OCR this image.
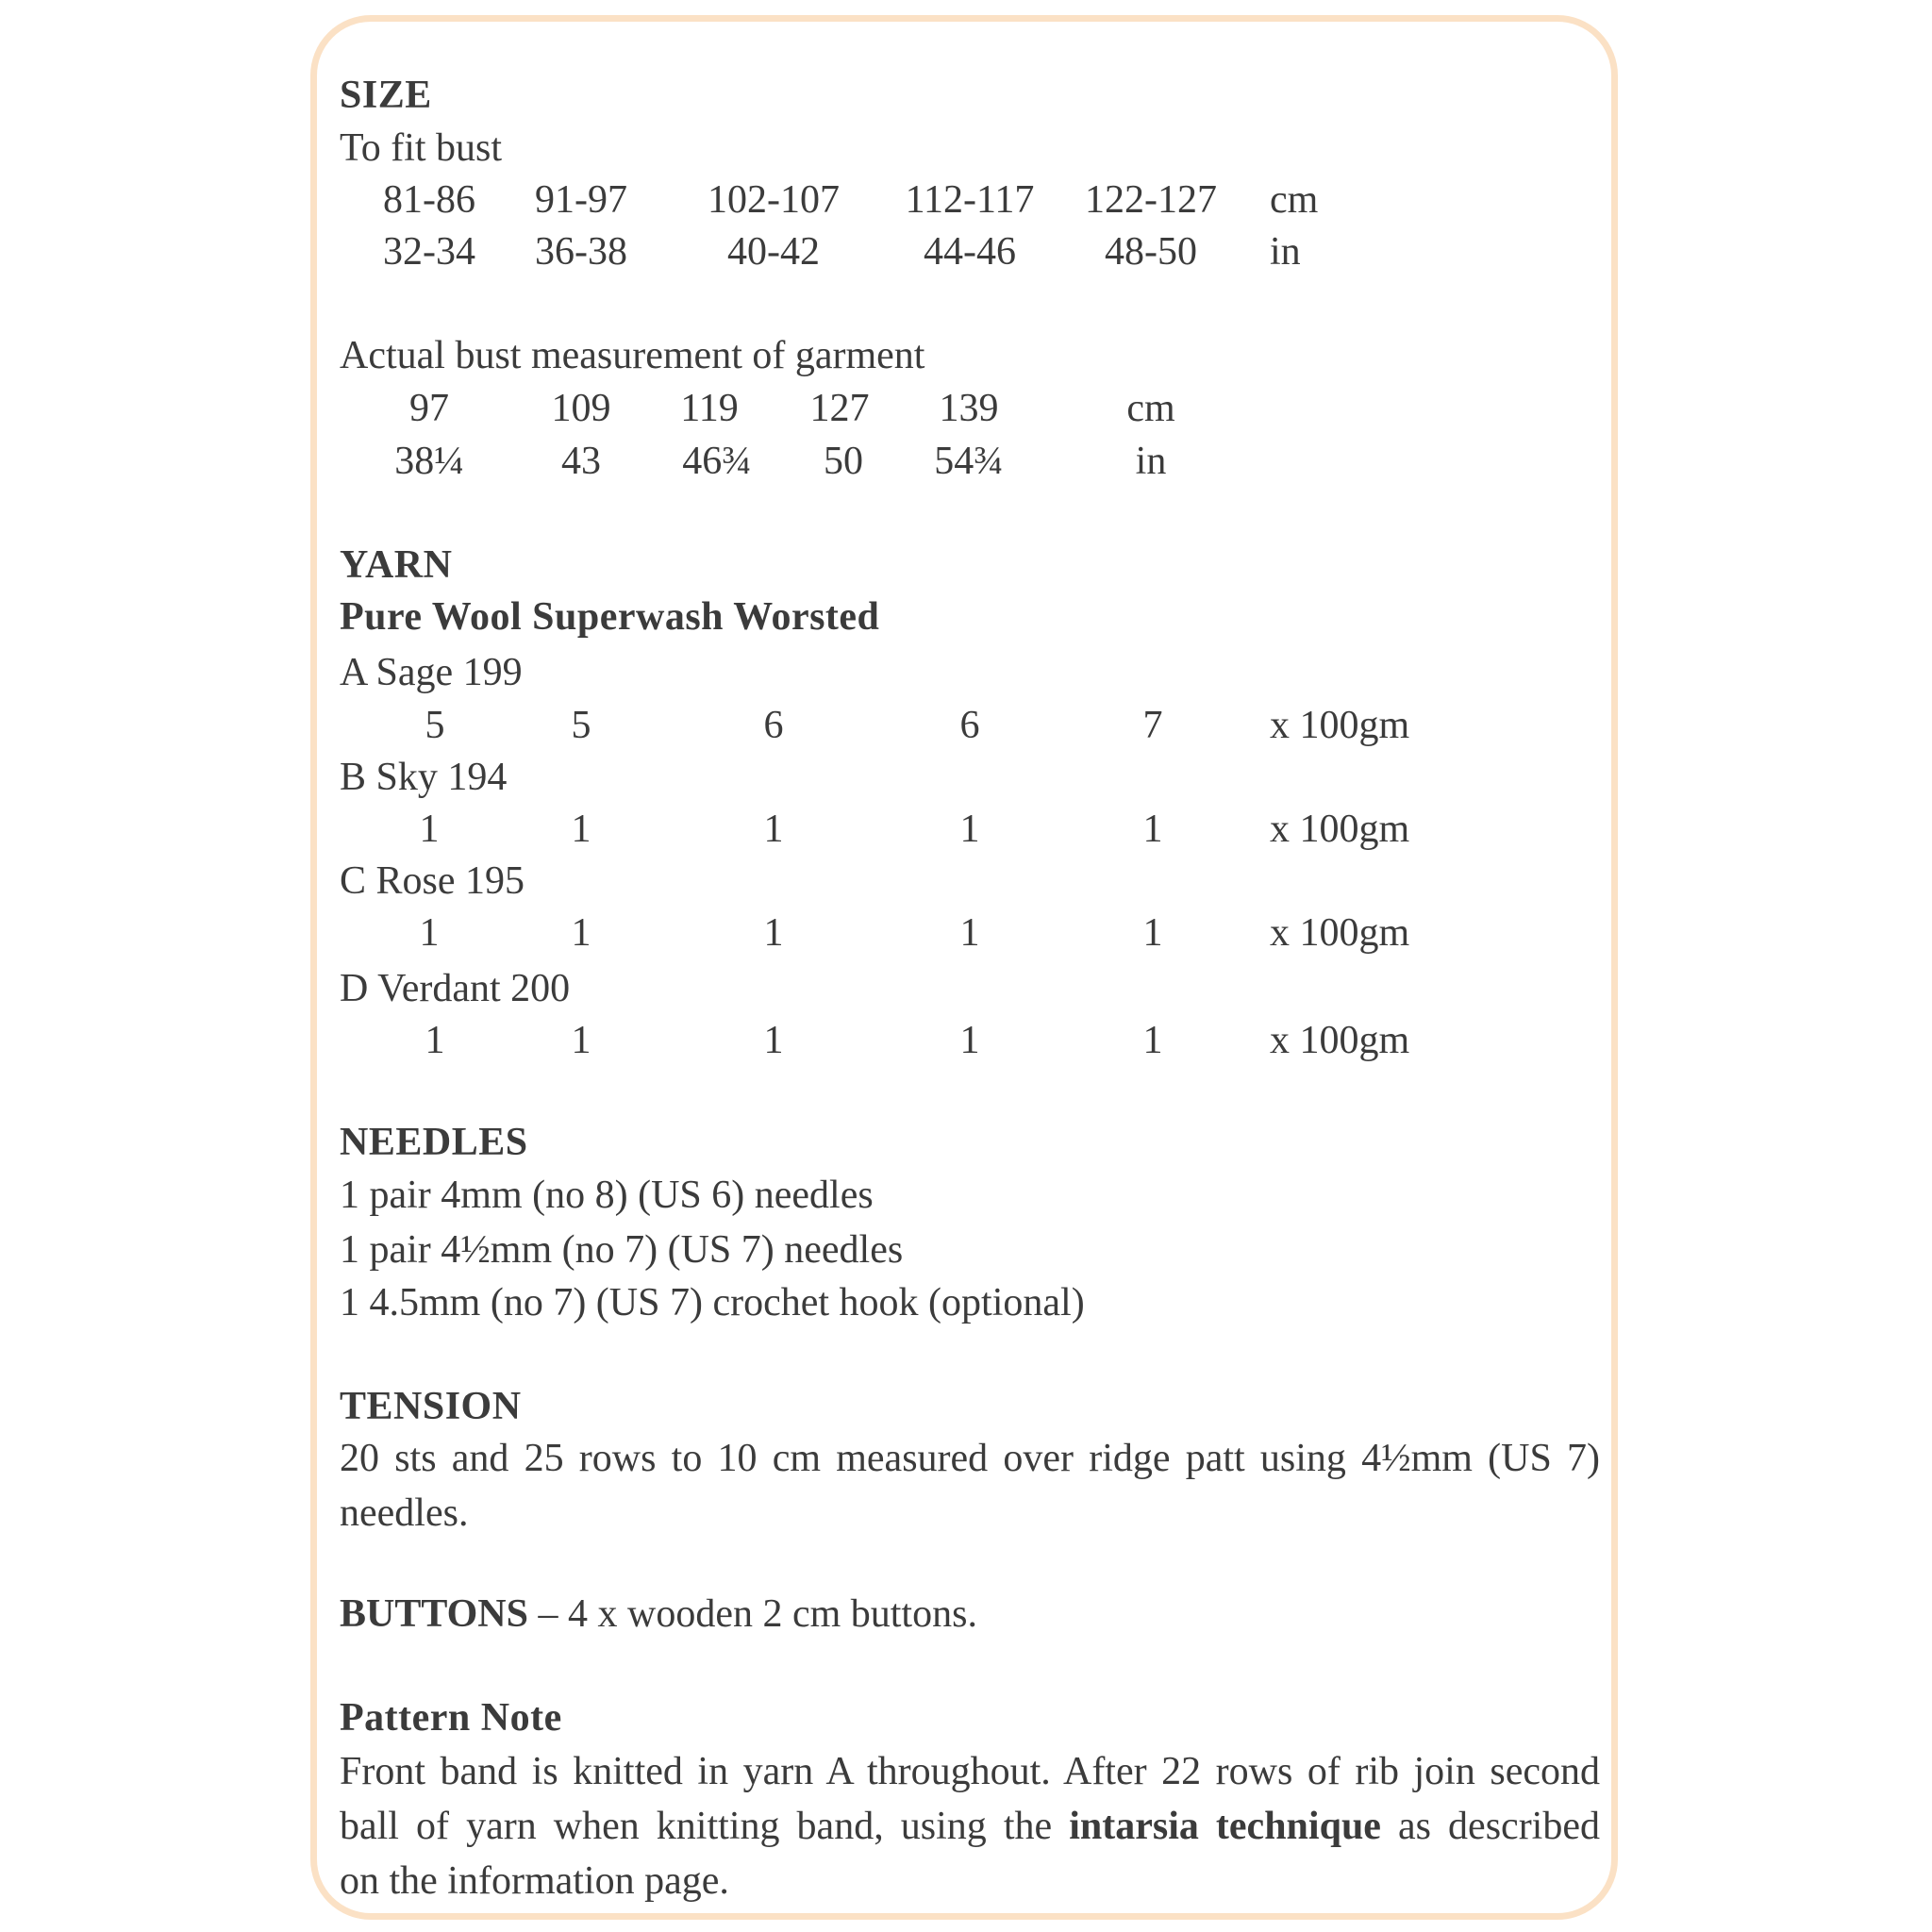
SIZE
To fit bust
81-86 91-97 102-107 112-117 122-127 cm
32-34 36-38	40-42	44-46 48-50 in
Actual bust measurement of garment
97	109 119 127 139	cm
38¼ 43 46¾ 50 54¾	in
YARN
Pure Wool Superwash Worsted
A Sage 199
5	5	6	6	7	x 100gm
B Sky 194
1	1	1	1	1	x 100gm
C Rose 195
1	1	1	1	1	x 100gm
D Verdant 200
1	1	1	1	1	x 100gm
NEEDLES
1 pair 4mm (no 8) (US 6) needles
1 pair 4½mm (no 7) (US 7) needles
1 4.5mm (no 7) (US 7) crochet hook (optional)
TENSION
20 sts and 25 rows to 10 cm measured over ridge patt using 4½mm (US 7)
needles.
BUTTONS – 4 x wooden 2 cm buttons.
Pattern Note
Front band is knitted in yarn A throughout. After 22 rows of rib join second
ball of yarn when knitting band, using the intarsia technique as described
on the information page.
